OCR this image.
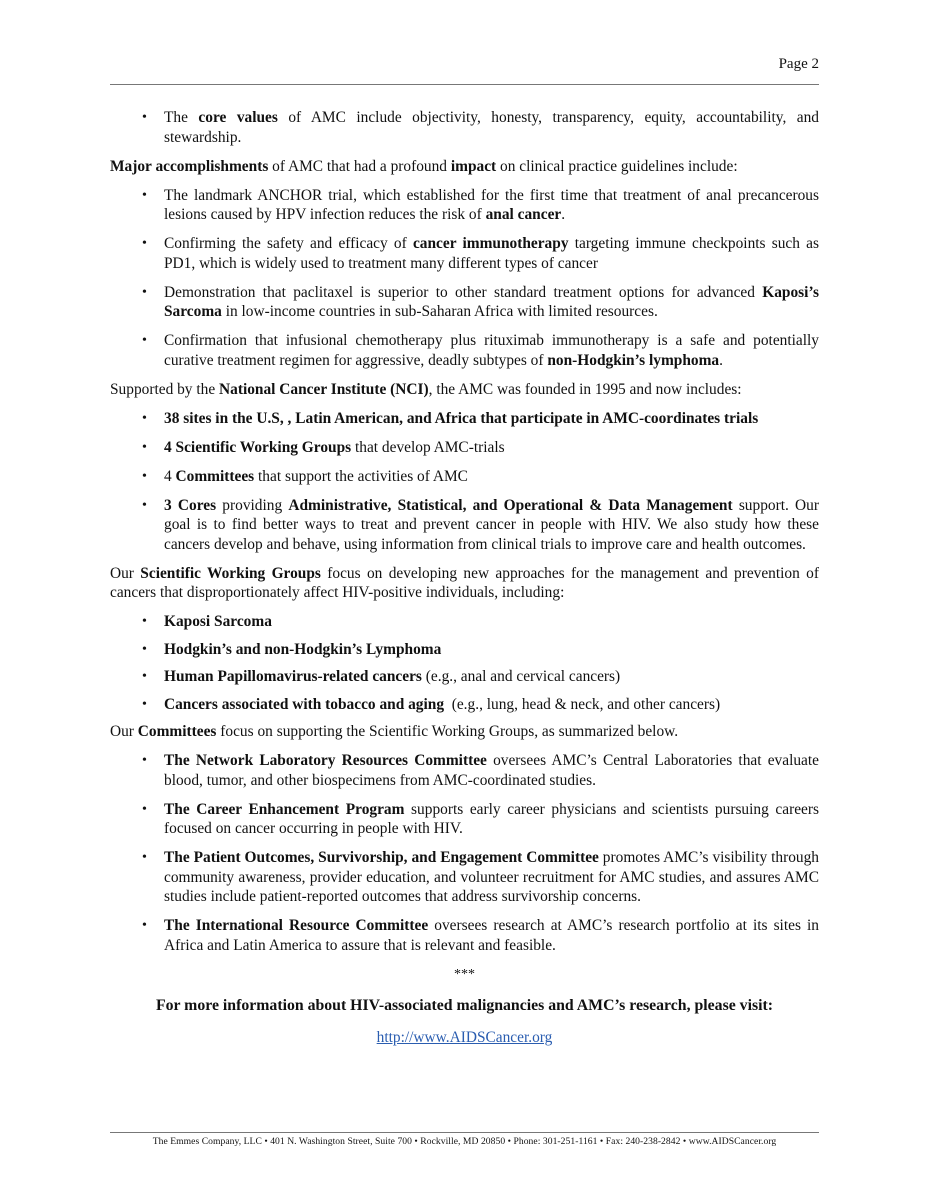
Page 2
• The core values of AMC include objectivity, honesty, transparency, equity, accountability, and stewardship.

Major accomplishments of AMC that had a profound impact on clinical practice guidelines include:

• The landmark ANCHOR trial, which established for the first time that treatment of anal precancerous lesions caused by HPV infection reduces the risk of anal cancer.
• Confirming the safety and efficacy of cancer immunotherapy targeting immune checkpoints such as PD1, which is widely used to treatment many different types of cancer
• Demonstration that paclitaxel is superior to other standard treatment options for advanced Kaposi’s Sarcoma in low-income countries in sub-Saharan Africa with limited resources.
• Confirmation that infusional chemotherapy plus rituximab immunotherapy is a safe and potentially curative treatment regimen for aggressive, deadly subtypes of non-Hodgkin’s lymphoma.

Supported by the National Cancer Institute (NCI), the AMC was founded in 1995 and now includes:

• 38 sites in the U.S, , Latin American, and Africa that participate in AMC-coordinates trials
• 4 Scientific Working Groups that develop AMC-trials
• 4 Committees that support the activities of AMC
• 3 Cores providing Administrative, Statistical, and Operational & Data Management support. Our goal is to find better ways to treat and prevent cancer in people with HIV. We also study how these cancers develop and behave, using information from clinical trials to improve care and health outcomes.

Our Scientific Working Groups focus on developing new approaches for the management and prevention of cancers that disproportionately affect HIV-positive individuals, including:

• Kaposi Sarcoma
• Hodgkin’s and non-Hodgkin’s Lymphoma
• Human Papillomavirus-related cancers (e.g., anal and cervical cancers)
• Cancers associated with tobacco and aging  (e.g., lung, head & neck, and other cancers)

Our Committees focus on supporting the Scientific Working Groups, as summarized below.

• The Network Laboratory Resources Committee oversees AMC’s Central Laboratories that evaluate blood, tumor, and other biospecimens from AMC-coordinated studies.
• The Career Enhancement Program supports early career physicians and scientists pursuing careers focused on cancer occurring in people with HIV.
• The Patient Outcomes, Survivorship, and Engagement Committee promotes AMC’s visibility through community awareness, provider education, and volunteer recruitment for AMC studies, and assures AMC studies include patient-reported outcomes that address survivorship concerns.
• The International Resource Committee oversees research at AMC’s research portfolio at its sites in Africa and Latin America to assure that is relevant and feasible.
***
For more information about HIV-associated malignancies and AMC’s research, please visit:
http://www.AIDSCancer.org
The Emmes Company, LLC • 401 N. Washington Street, Suite 700 • Rockville, MD 20850 • Phone: 301-251-1161 • Fax: 240-238-2842 • www.AIDSCancer.org
